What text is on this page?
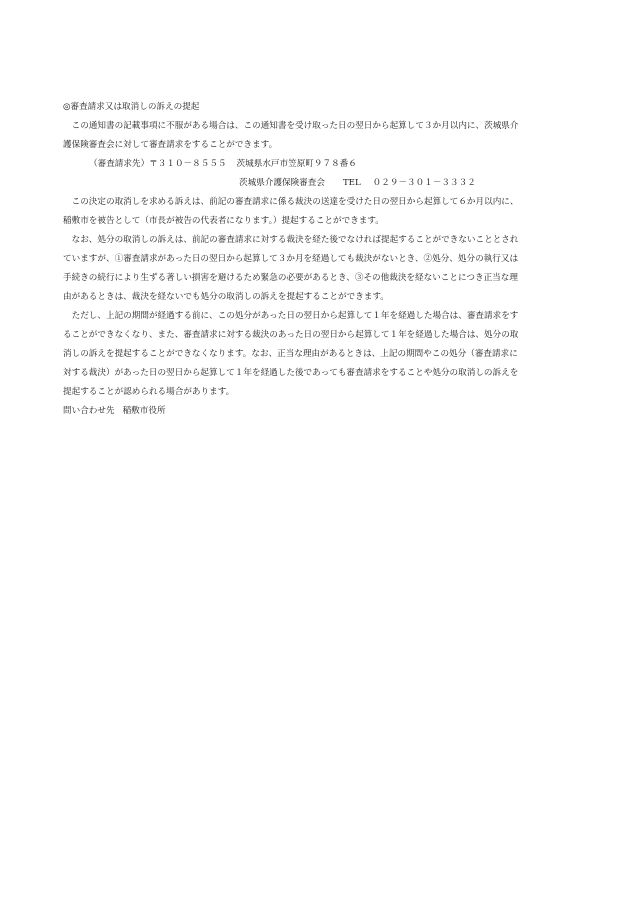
◎審査請求又は取消しの訴えの提起
この通知書の記載事項に不服がある場合は、この通知書を受け取った日の翌日から起算して３か月以内に、茨城県介
護保険審査会に対して審査請求をすることができます。
（審査請求先）〒３１０－８５５５ 茨城県水戸市笠原町９７８番６
茨城県介護保険審査会 TEL ０２９－３０１－３３３２
この決定の取消しを求める訴えは、前記の審査請求に係る裁決の送達を受けた日の翌日から起算して６か月以内に、
稲敷市を被告として（市長が被告の代表者になります。）提起することができます。
なお、処分の取消しの訴えは、前記の審査請求に対する裁決を経た後でなければ提起することができないこととされ
ていますが、①審査請求があった日の翌日から起算して３か月を経過しても裁決がないとき、②処分、処分の執行又は
手続きの続行により生ずる著しい損害を避けるため緊急の必要があるとき、③その他裁決を経ないことにつき正当な理
由があるときは、裁決を経ないでも処分の取消しの訴えを提起することができます。
ただし、上記の期間が経過する前に、この処分があった日の翌日から起算して１年を経過した場合は、審査請求をす
ることができなくなり、また、審査請求に対する裁決のあった日の翌日から起算して１年を経過した場合は、処分の取
消しの訴えを提起することができなくなります。なお、正当な理由があるときは、上記の期間やこの処分（審査請求に
対する裁決）があった日の翌日から起算して１年を経過した後であっても審査請求をすることや処分の取消しの訴えを
提起することが認められる場合があります。
問い合わせ先 稲敷市役所
